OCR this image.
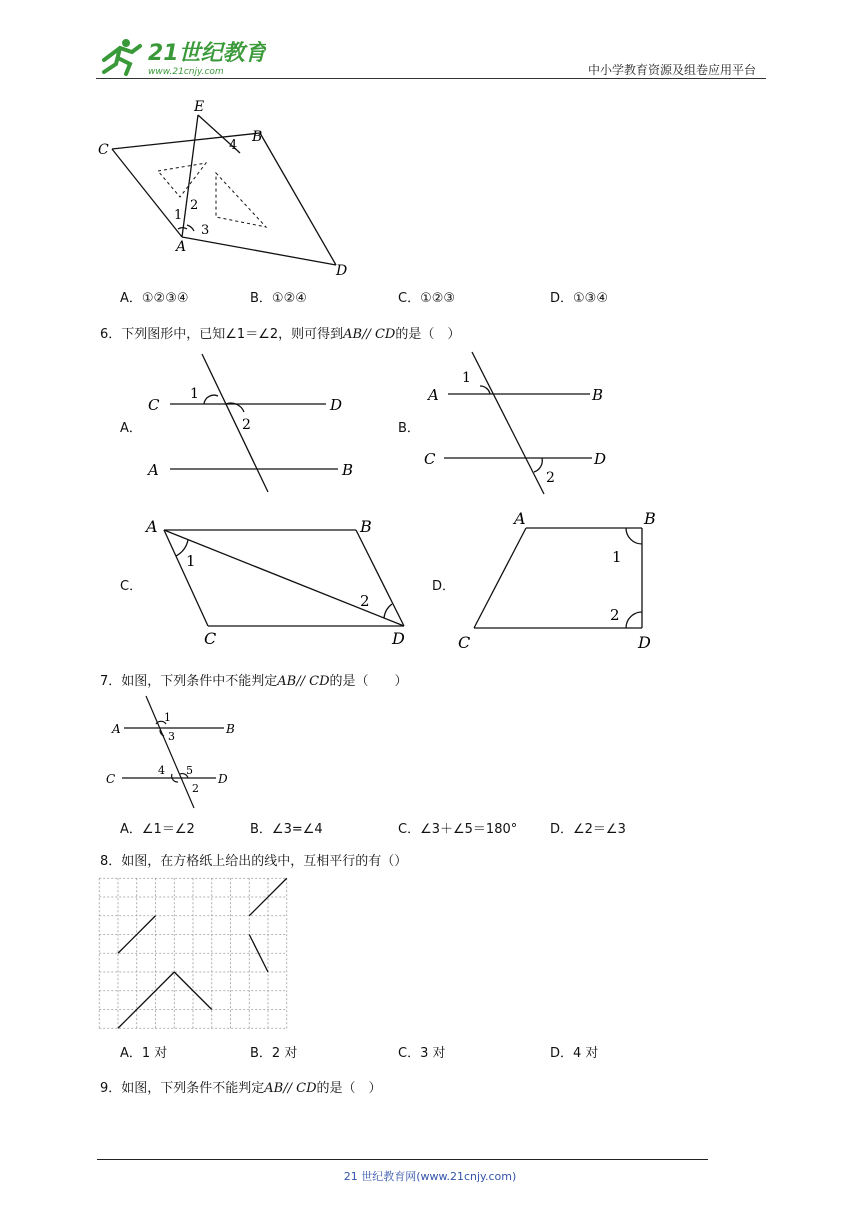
21世纪教育
www.21cnjy.com	中小学教育资源及组卷应用平台
E
B
C
A
D
1
2
3
4
A．①②③④	B．①②④	C．①②③	D．①③④
6．下列图形中，已知∠1＝∠2，则可得到AB// CD的是（　）
A．
C	D
A	B
1
2	B．
A	B
C	D
1
2
C．
A	B
C	D
1
2
D．
A	B
C	D
1
2
7．如图，下列条件中不能判定AB// CD的是（　　）
A	B
C	D
1
3
4 5
2
A．∠1＝∠2	B．∠3=∠4	C．∠3＋∠5＝180°	D．∠2＝∠3
8．如图，在方格纸上给出的线中，互相平行的有（）
A．1 对	B．2 对	C．3 对	D．4 对
9．如图，下列条件不能判定AB// CD的是（　）
21 世纪教育网(www.21cnjy.com)
